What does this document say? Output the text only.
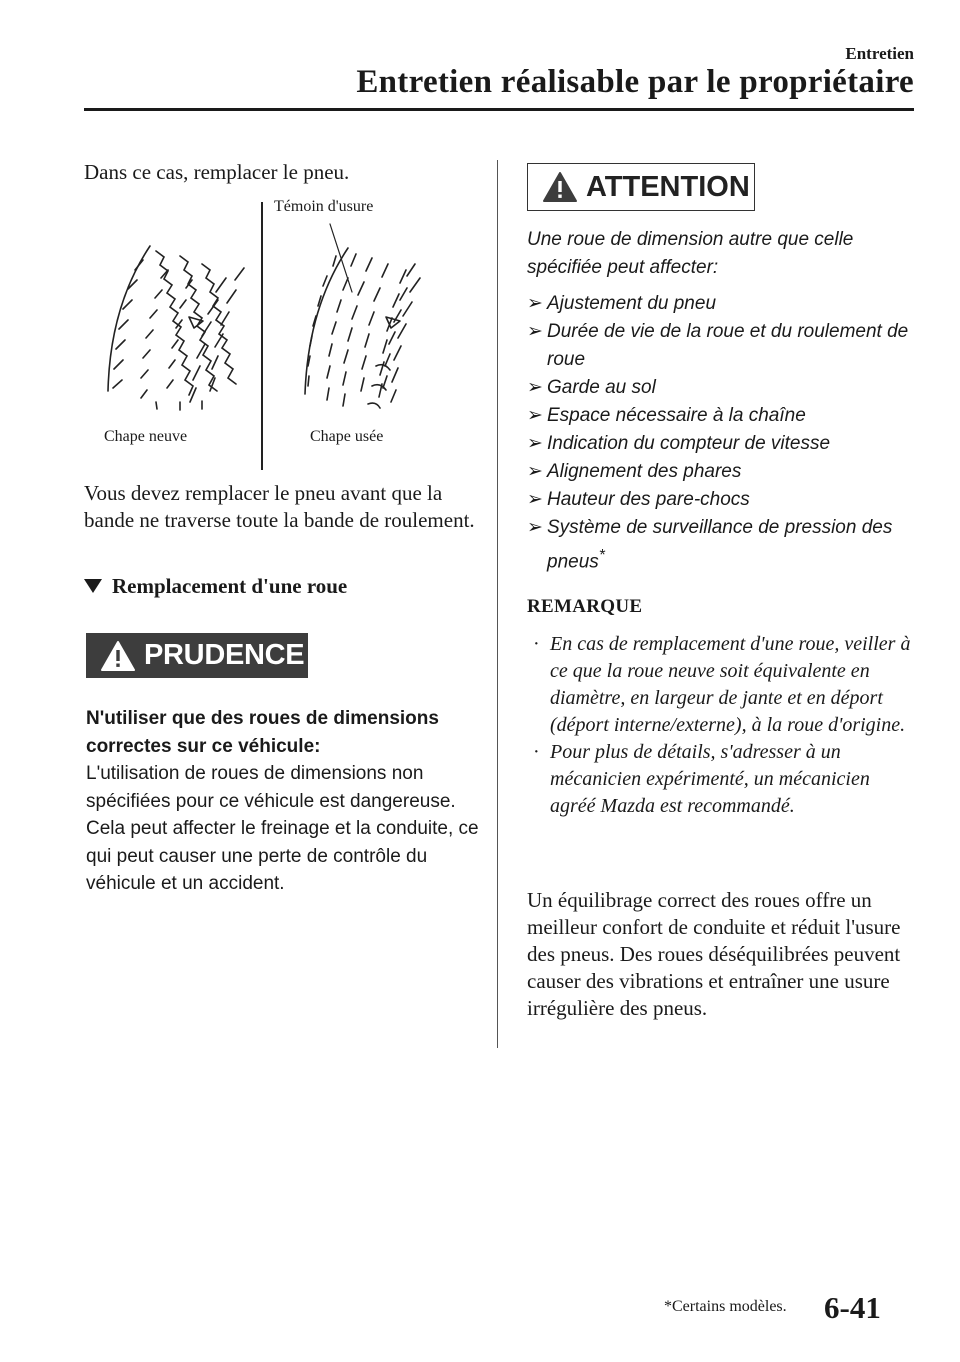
Entretien
Entretien réalisable par le propriétaire
Dans ce cas, remplacer le pneu.
Témoin d'usure
Chape neuve	Chape usée
Vous devez remplacer le pneu avant que la bande ne traverse toute la bande de roulement.
Remplacement d'une roue
PRUDENCE
N'utiliser que des roues de dimensions correctes sur ce véhicule:
L'utilisation de roues de dimensions non spécifiées pour ce véhicule est dangereuse. Cela peut affecter le freinage et la conduite, ce qui peut causer une perte de contrôle du véhicule et un accident.
ATTENTION
Une roue de dimension autre que celle spécifiée peut affecter:
➢ Ajustement du pneu
➢ Durée de vie de la roue et du roulement de roue
➢ Garde au sol
➢ Espace nécessaire à la chaîne
➢ Indication du compteur de vitesse
➢ Alignement des phares
➢ Hauteur des pare-chocs
➢ Système de surveillance de pression des pneus*
REMARQUE
· En cas de remplacement d'une roue, veiller à ce que la roue neuve soit équivalente en diamètre, en largeur de jante et en déport (déport interne/externe), à la roue d'origine.
· Pour plus de détails, s'adresser à un mécanicien expérimenté, un mécanicien agréé Mazda est recommandé.
Un équilibrage correct des roues offre un meilleur confort de conduite et réduit l'usure des pneus. Des roues déséquilibrées peuvent causer des vibrations et entraîner une usure irrégulière des pneus.
*Certains modèles. 6-41
